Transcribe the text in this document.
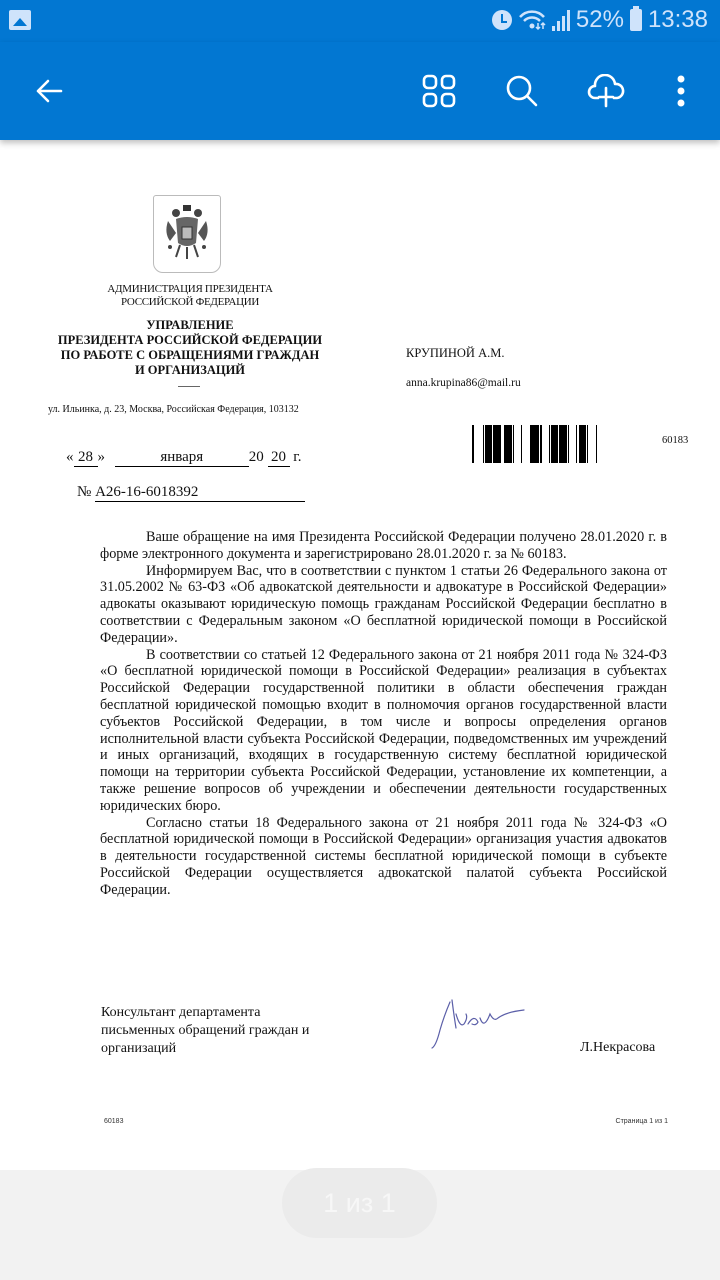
52% 13:38
АДМИНИСТРАЦИЯ ПРЕЗИДЕНТА
РОССИЙСКОЙ ФЕДЕРАЦИИ
УПРАВЛЕНИЕ
ПРЕЗИДЕНТА РОССИЙСКОЙ ФЕДЕРАЦИИ
ПО РАБОТЕ С ОБРАЩЕНИЯМИ ГРАЖДАН
И ОРГАНИЗАЦИЙ
ул. Ильинка, д. 23, Москва, Российская Федерация, 103132
КРУПИНОЙ А.М.
anna.krupina86@mail.ru
60183
« 28 »	января	20 20 г.
№ А26-16-6018392

Ваше обращение на имя Президента Российской Федерации получено 28.01.2020 г. в форме электронного документа и зарегистрировано 28.01.2020 г. за № 60183.

Информируем Вас, что в соответствии с пунктом 1 статьи 26 Федерального закона от 31.05.2002 № 63-ФЗ «Об адвокатской деятельности и адвокатуре в Российской Федерации» адвокаты оказывают юридическую помощь гражданам Российской Федерации бесплатно в соответствии с Федеральным законом «О бесплатной юридической помощи в Российской Федерации».

В соответствии со статьей 12 Федерального закона от 21 ноября 2011 года № 324-ФЗ «О бесплатной юридической помощи в Российской Федерации» реализация в субъектах Российской Федерации государственной политики в области обеспечения граждан бесплатной юридической помощью входит в полномочия органов государственной власти субъектов Российской Федерации, в том числе и вопросы определения органов исполнительной власти субъекта Российской Федерации, подведомственных им учреждений и иных организаций, входящих в государственную систему бесплатной юридической помощи на территории субъекта Российской Федерации, установление их компетенции, а также решение вопросов об учреждении и обеспечении деятельности государственных юридических бюро.

Согласно статьи 18 Федерального закона от 21 ноября 2011 года № 324-ФЗ «О бесплатной юридической помощи в Российской Федерации» организация участия адвокатов в деятельности государственной системы бесплатной юридической помощи в субъекте Российской Федерации осуществляется адвокатской палатой субъекта Российской Федерации.

Консультант департамента
письменных обращений граждан и
организаций	Л.Некрасова
60183	Страница 1 из 1
1 из 1
